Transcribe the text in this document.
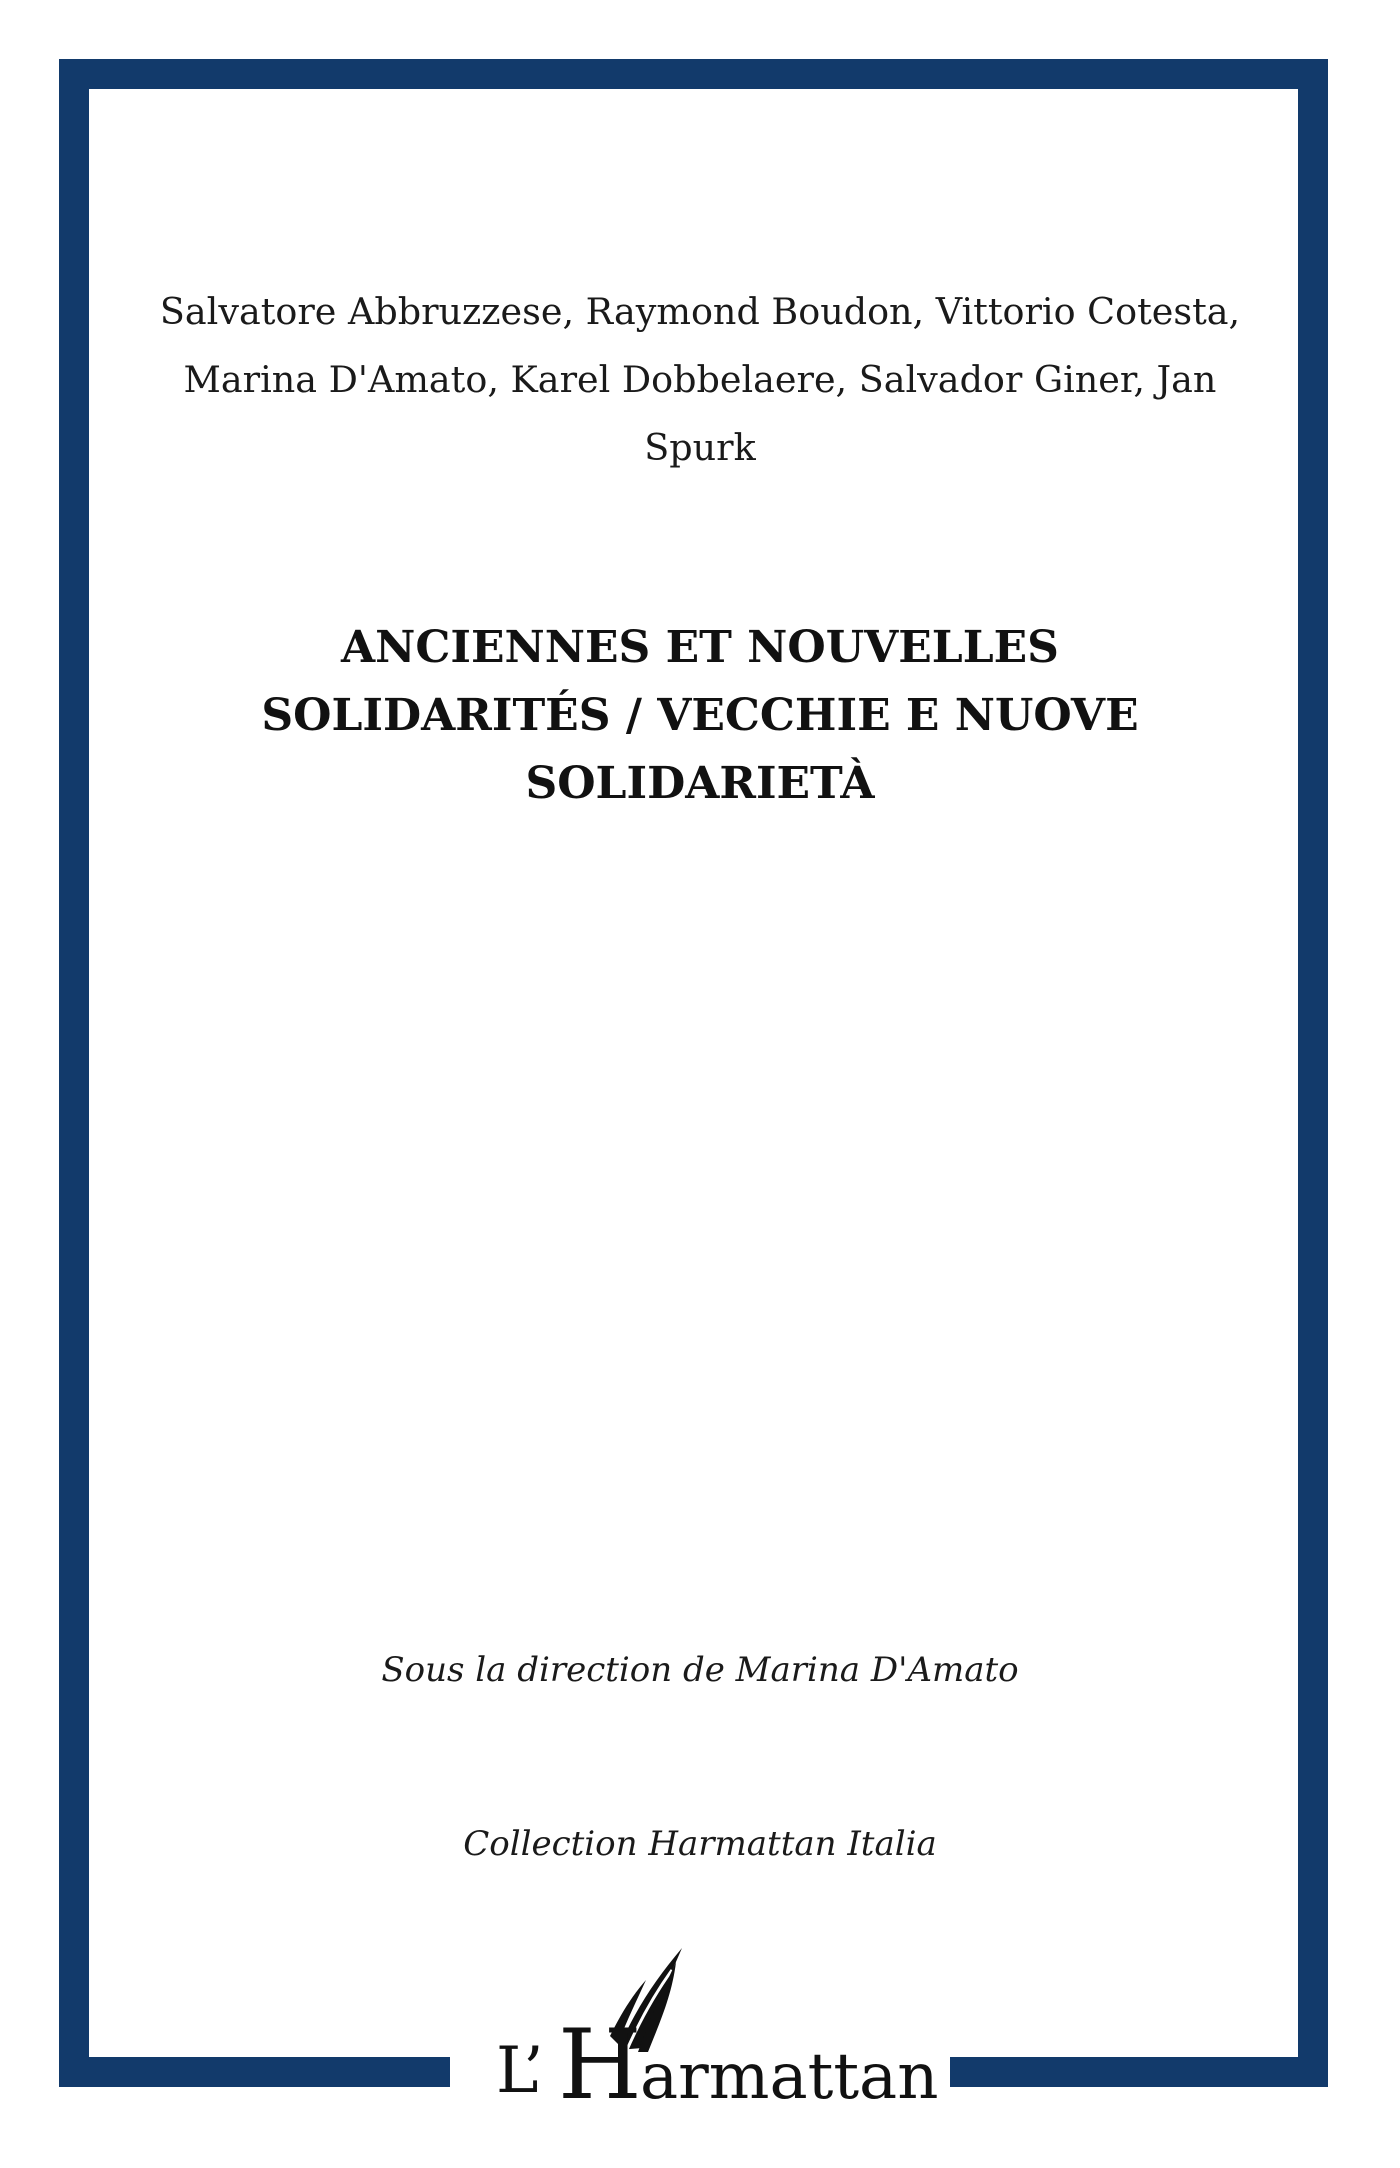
Salvatore Abbruzzese, Raymond Boudon, Vittorio Cotesta,
Marina D'Amato, Karel Dobbelaere, Salvador Giner, Jan
Spurk
ANCIENNES ET NOUVELLES
SOLIDARITÉS / VECCHIE E NUOVE
SOLIDARIETÀ
Sous la direction de Marina D'Amato
Collection Harmattan Italia
L’ H
armattan
